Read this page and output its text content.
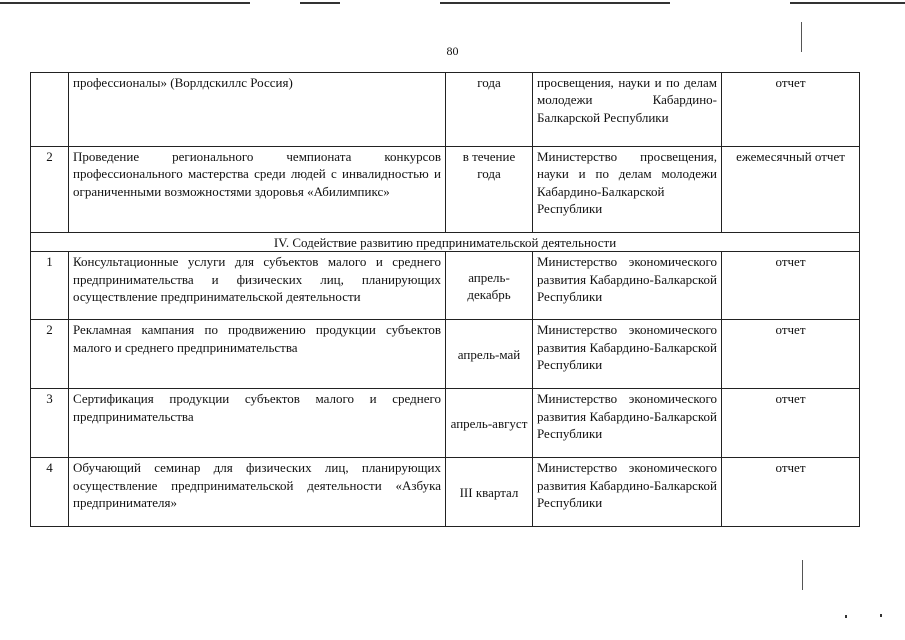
80
	профессионалы» (Ворлдскиллс Россия)	года	просвещения, науки и по делам молодежи Кабардино-Балкарской Республики	отчет
2	Проведение регионального чемпионата конкурсов профессионального мастерства среди людей с инвалидностью и ограниченными возможностями здоровья «Абилимпикс»	в течение года	Министерство просвещения, науки и по делам молодежи Кабардино-Балкарской Республики	ежемесячный отчет
IV. Содействие развитию предпринимательской деятельности				
1	Консультационные услуги для субъектов малого и среднего предпринимательства и физических лиц, планирующих осуществление предпринимательской деятельности	апрель-декабрь	Министерство экономического развития Кабардино-Балкарской Республики	отчет
2	Рекламная кампания по продвижению продукции субъектов малого и среднего предпринимательства	апрель-май	Министерство экономического развития Кабардино-Балкарской Республики	отчет
3	Сертификация продукции субъектов малого и среднего предпринимательства	апрель-август	Министерство экономического развития Кабардино-Балкарской Республики	отчет
4	Обучающий семинар для физических лиц, планирующих осуществление предпринимательской деятельности «Азбука предпринимателя»	III квартал	Министерство экономического развития Кабардино-Балкарской Республики	отчет
